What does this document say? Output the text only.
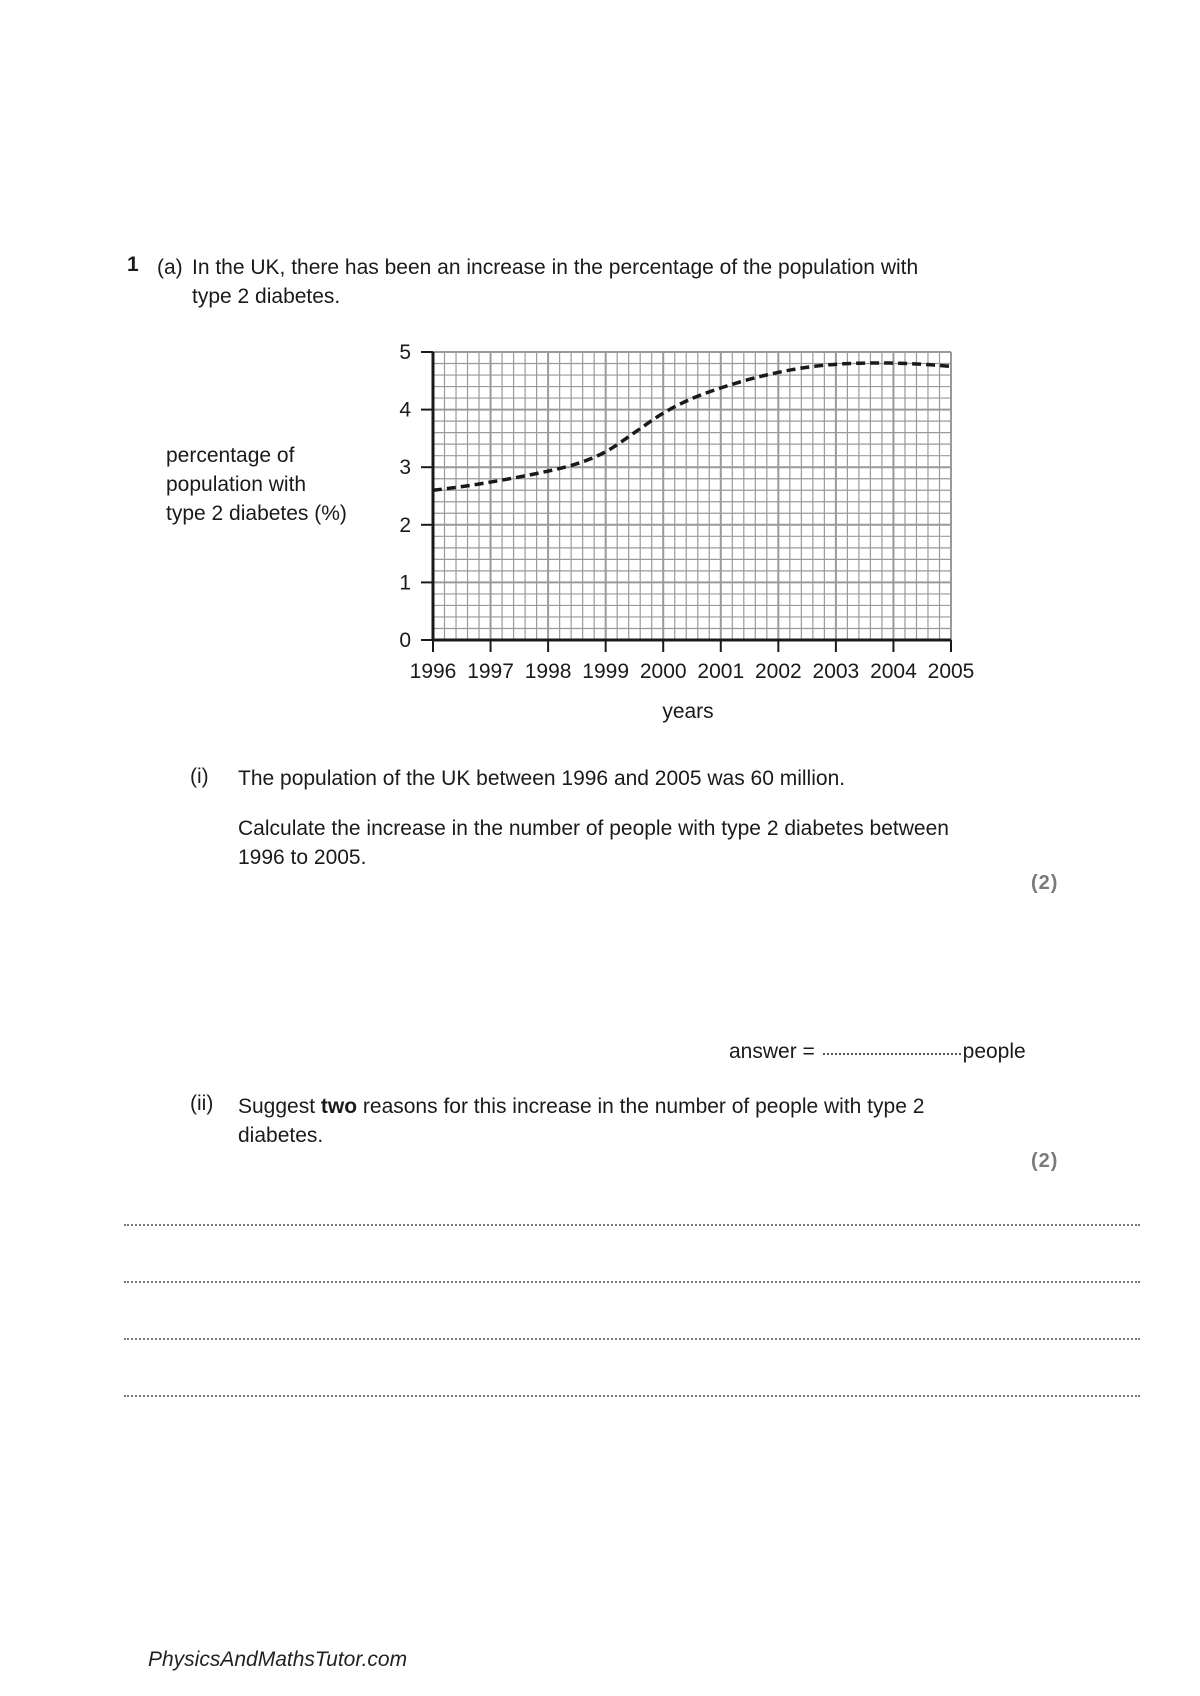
1 (a) In the UK, there has been an increase in the percentage of the population with
type 2 diabetes.
percentage of
population with
type 2 diabetes (%)
0
1
2
3
4
5
1996 1997 1998 1999 2000 2001 2002 2003 2004 2005
years
(i) The population of the UK between 1996 and 2005 was 60 million.
Calculate the increase in the number of people with type 2 diabetes between
1996 to 2005.
(2)
answer =	people
(ii) Suggest two reasons for this increase in the number of people with type 2
diabetes.
(2)
PhysicsAndMathsTutor.com
